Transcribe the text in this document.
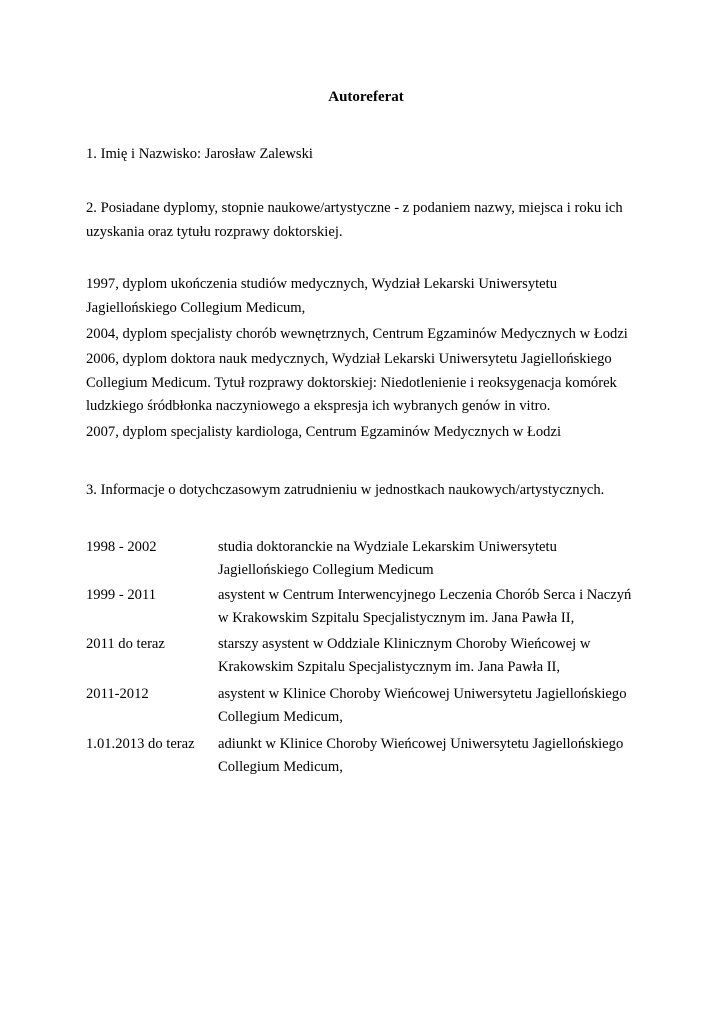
Autoreferat
1. Imię i Nazwisko: Jarosław Zalewski
2. Posiadane dyplomy, stopnie naukowe/artystyczne - z podaniem nazwy, miejsca i roku ich
uzyskania oraz tytułu rozprawy doktorskiej.
1997, dyplom ukończenia studiów medycznych, Wydział Lekarski Uniwersytetu
Jagiellońskiego Collegium Medicum,
2004, dyplom specjalisty chorób wewnętrznych, Centrum Egzaminów Medycznych w Łodzi
2006, dyplom doktora nauk medycznych, Wydział Lekarski Uniwersytetu Jagiellońskiego
Collegium Medicum. Tytuł rozprawy doktorskiej: Niedotlenienie i reoksygenacja komórek
ludzkiego śródbłonka naczyniowego a ekspresja ich wybranych genów in vitro.
2007, dyplom specjalisty kardiologa, Centrum Egzaminów Medycznych w Łodzi
3. Informacje o dotychczasowym zatrudnieniu w jednostkach naukowych/artystycznych.
1998 - 2002	studia doktoranckie na Wydziale Lekarskim Uniwersytetu
Jagiellońskiego Collegium Medicum
1999 - 2011	asystent w Centrum Interwencyjnego Leczenia Chorób Serca i Naczyń
w Krakowskim Szpitalu Specjalistycznym im. Jana Pawła II,
2011 do teraz	starszy asystent w Oddziale Klinicznym Choroby Wieńcowej w
Krakowskim Szpitalu Specjalistycznym im. Jana Pawła II,
2011-2012	asystent w Klinice Choroby Wieńcowej Uniwersytetu Jagiellońskiego
Collegium Medicum,
1.01.2013 do teraz	adiunkt w Klinice Choroby Wieńcowej Uniwersytetu Jagiellońskiego
Collegium Medicum,
